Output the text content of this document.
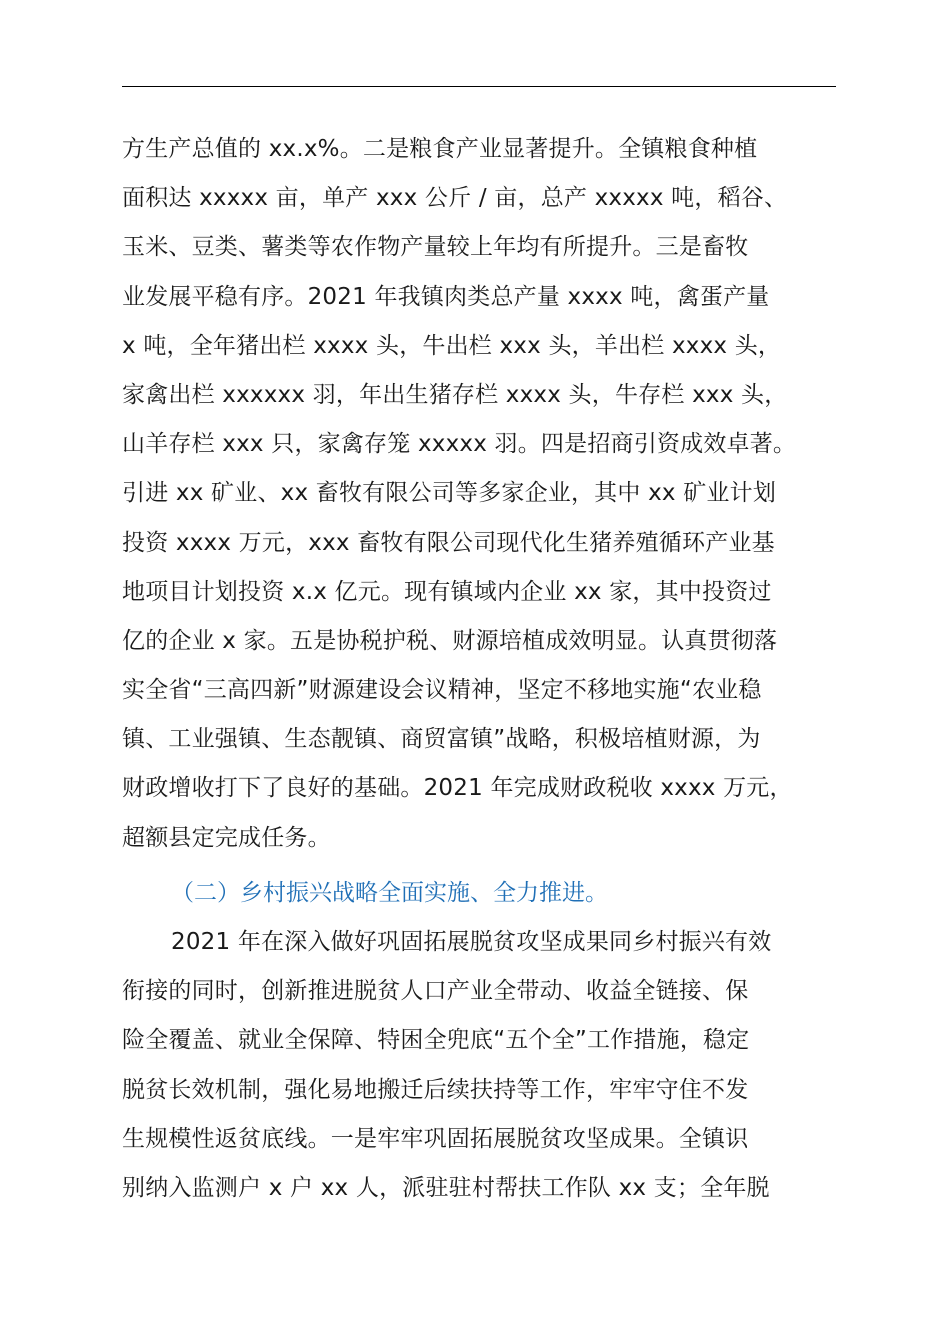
方生产总值的 xx.x%。二是粮食产业显著提升。全镇粮食种植
面积达 xxxxx 亩，单产 xxx 公斤 / 亩，总产 xxxxx 吨，稻谷、
玉米、豆类、薯类等农作物产量较上年均有所提升。三是畜牧
业发展平稳有序。2021 年我镇肉类总产量 xxxx 吨，禽蛋产量
x 吨，全年猪出栏 xxxx 头，牛出栏 xxx 头，羊出栏 xxxx 头，
家禽出栏 xxxxxx 羽，年出生猪存栏 xxxx 头，牛存栏 xxx 头，
山羊存栏 xxx 只，家禽存笼 xxxxx 羽。四是招商引资成效卓著。
引进 xx 矿业、xx 畜牧有限公司等多家企业，其中 xx 矿业计划
投资 xxxx 万元，xxx 畜牧有限公司现代化生猪养殖循环产业基
地项目计划投资 x.x 亿元。现有镇域内企业 xx 家，其中投资过
亿的企业 x 家。五是协税护税、财源培植成效明显。认真贯彻落
实全省“三高四新”财源建设会议精神，坚定不移地实施“农业稳
镇、工业强镇、生态靓镇、商贸富镇”战略，积极培植财源，为
财政增收打下了良好的基础。2021 年完成财政税收 xxxx 万元，
超额县定完成任务。
（二）乡村振兴战略全面实施、全力推进。
2021 年在深入做好巩固拓展脱贫攻坚成果同乡村振兴有效
衔接的同时，创新推进脱贫人口产业全带动、收益全链接、保
险全覆盖、就业全保障、特困全兜底“五个全”工作措施，稳定
脱贫长效机制，强化易地搬迁后续扶持等工作，牢牢守住不发
生规模性返贫底线。一是牢牢巩固拓展脱贫攻坚成果。全镇识
别纳入监测户 x 户 xx 人，派驻驻村帮扶工作队 xx 支；全年脱
